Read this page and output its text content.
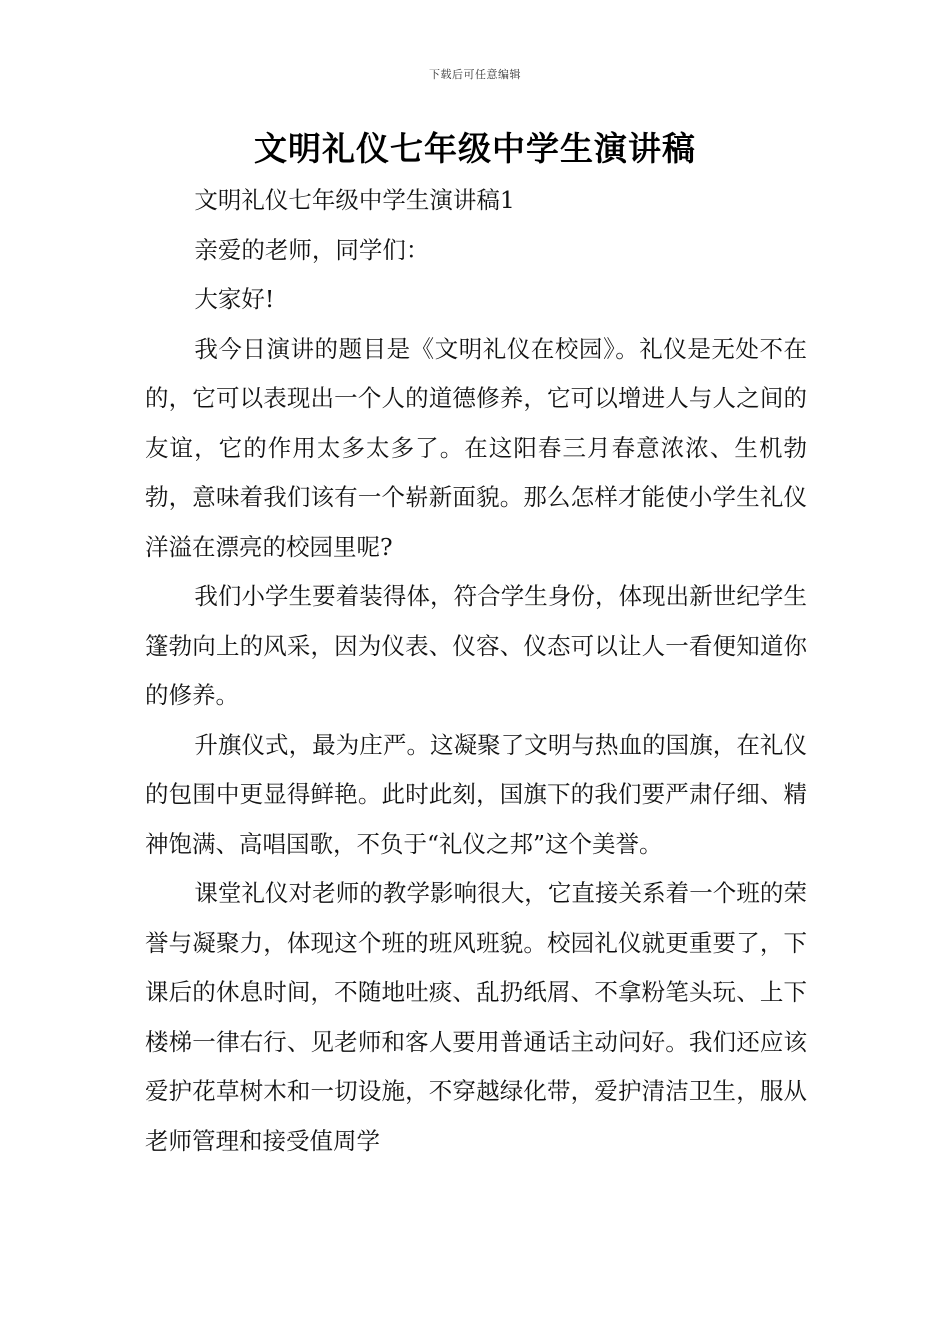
下载后可任意编辑
文明礼仪七年级中学生演讲稿

文明礼仪七年级中学生演讲稿1

亲爱的老师，同学们：

大家好!

我今日演讲的题目是《文明礼仪在校园》。礼仪是无处不在的，它可以表现出一个人的道德修养，它可以增进人与人之间的友谊，它的作用太多太多了。在这阳春三月春意浓浓、生机勃勃，意味着我们该有一个崭新面貌。那么怎样才能使小学生礼仪洋溢在漂亮的校园里呢?

我们小学生要着装得体，符合学生身份，体现出新世纪学生篷勃向上的风采，因为仪表、仪容、仪态可以让人一看便知道你的修养。

升旗仪式，最为庄严。这凝聚了文明与热血的国旗，在礼仪的包围中更显得鲜艳。此时此刻，国旗下的我们要严肃仔细、精神饱满、高唱国歌，不负于“礼仪之邦”这个美誉。

课堂礼仪对老师的教学影响很大，它直接关系着一个班的荣誉与凝聚力，体现这个班的班风班貌。校园礼仪就更重要了，下课后的休息时间，不随地吐痰、乱扔纸屑、不拿粉笔头玩、上下楼梯一律右行、见老师和客人要用普通话主动问好。我们还应该爱护花草树木和一切设施，不穿越绿化带，爱护清洁卫生，服从老师管理和接受值周学
